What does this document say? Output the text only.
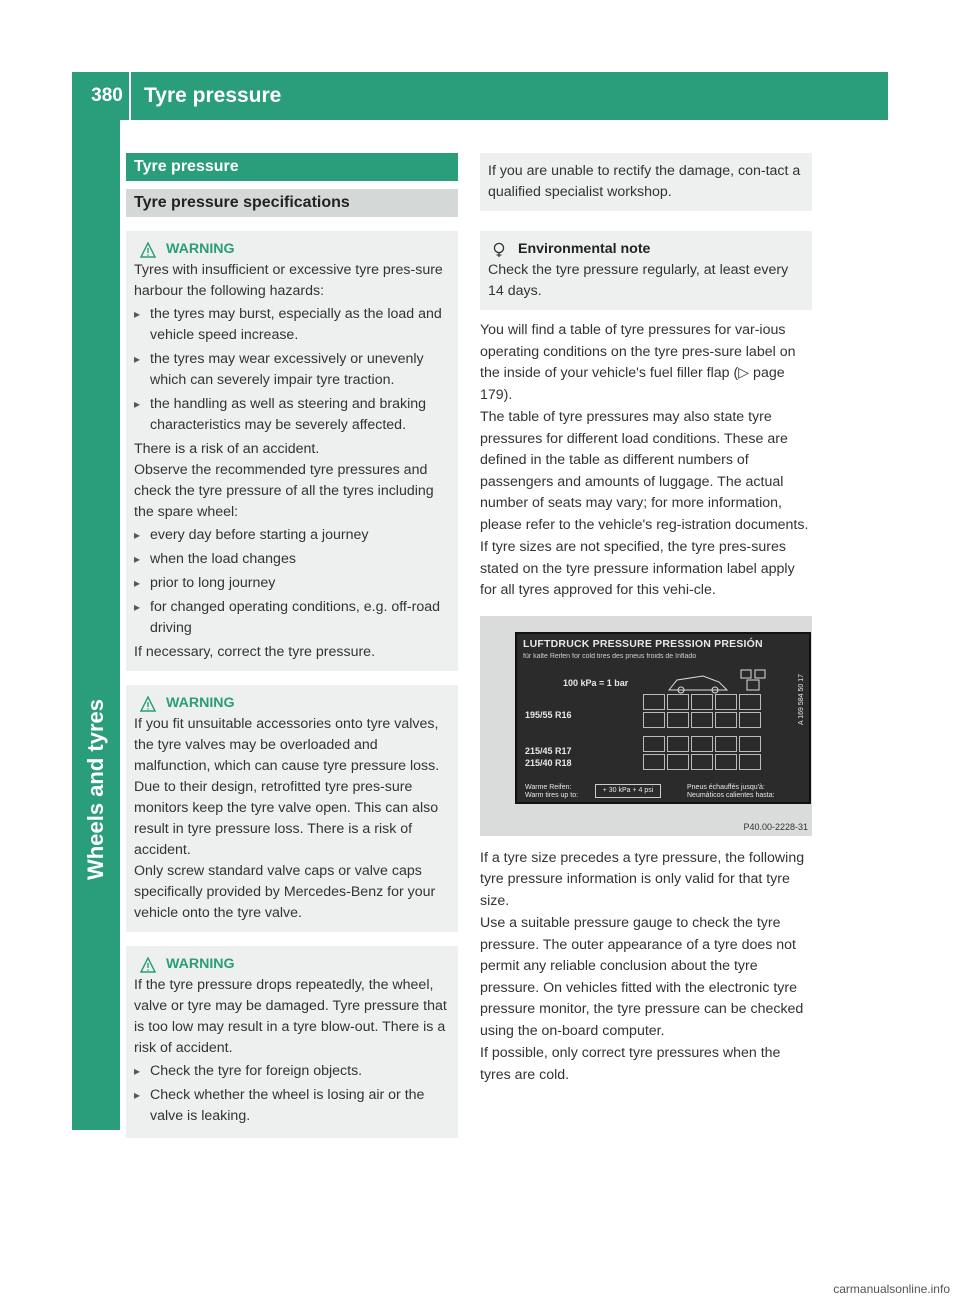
380	Tyre pressure
Wheels and tyres
Tyre pressure
Tyre pressure specifications
WARNING

Tyres with insufficient or excessive tyre pres-sure harbour the following hazards:

▸ the tyres may burst, especially as the load and vehicle speed increase.
▸ the tyres may wear excessively or unevenly which can severely impair tyre traction.
▸ the handling as well as steering and braking characteristics may be severely affected.

There is a risk of an accident.

Observe the recommended tyre pressures and check the tyre pressure of all the tyres including the spare wheel:

▸ every day before starting a journey
▸ when the load changes
▸ prior to long journey
▸ for changed operating conditions, e.g. off-road driving

If necessary, correct the tyre pressure.

WARNING

If you fit unsuitable accessories onto tyre valves, the tyre valves may be overloaded and malfunction, which can cause tyre pressure loss. Due to their design, retrofitted tyre pres-sure monitors keep the tyre valve open. This can also result in tyre pressure loss. There is a risk of accident.

Only screw standard valve caps or valve caps specifically provided by Mercedes-Benz for your vehicle onto the tyre valve.

WARNING

If the tyre pressure drops repeatedly, the wheel, valve or tyre may be damaged. Tyre pressure that is too low may result in a tyre blow-out. There is a risk of accident.

▸ Check the tyre for foreign objects.
▸ Check whether the wheel is losing air or the valve is leaking.

If you are unable to rectify the damage, con-tact a qualified specialist workshop.

Environmental note

Check the tyre pressure regularly, at least every 14 days.

You will find a table of tyre pressures for var-ious operating conditions on the tyre pres-sure label on the inside of your vehicle's fuel filler flap (▷ page 179).

The table of tyre pressures may also state tyre pressures for different load conditions. These are defined in the table as different numbers of passengers and amounts of luggage. The actual number of seats may vary; for more information, please refer to the vehicle's reg-istration documents.

If tyre sizes are not specified, the tyre pres-sures stated on the tyre pressure information label apply for all tyres approved for this vehi-cle.

LUFTDRUCK PRESSURE PRESSION PRESIÓN
für kalte Reifen for cold tires des pneus froids de Inflado
100 kPa = 1 bar
195/55 R16
215/45 R17
215/40 R18
A 169 584 50 17
Warme Reifen:
Warm tires up to:
+ 30 kPa + 4 psi	Pneus échauffés jusqu'à:
Neumáticos calientes hasta:
P40.00-2228-31

If a tyre size precedes a tyre pressure, the following tyre pressure information is only valid for that tyre size.

Use a suitable pressure gauge to check the tyre pressure. The outer appearance of a tyre does not permit any reliable conclusion about the tyre pressure. On vehicles fitted with the electronic tyre pressure monitor, the tyre pressure can be checked using the on-board computer.

If possible, only correct tyre pressures when the tyres are cold.

carmanualsonline.info
